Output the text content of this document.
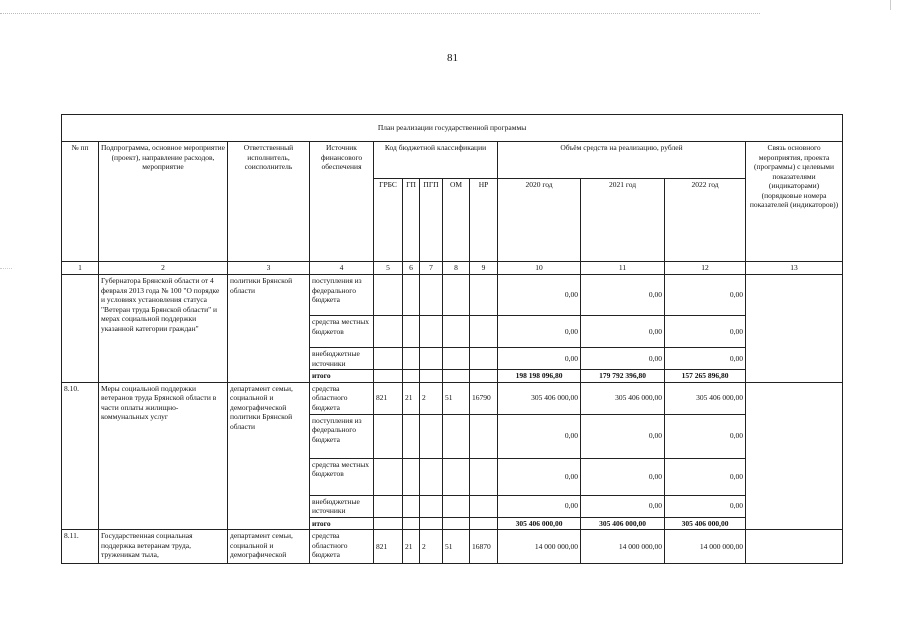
81
План реализации государственной программы												
№ пп	Подпрограмма, основное мероприятие (проект), направление расходов, мероприятие	Ответственный исполнитель, соисполнитель	Источник финансового обеспечения	Код бюджетной классификации					Объём средств на реализацию, рублей			Связь основного мероприятия, проекта (программы) с целевыми показателями (индикаторами) (порядковые номера показателей (индикаторов))
				ГРБС	ГП	ПГП	ОМ	НР	2020 год	2021 год	2022 год	
1	2	3	4	5	6	7	8	9	10	11	12	13
	Губернатора Брянской области от 4 февраля 2013 года № 100 "О порядке и условиях установления статуса "Ветеран труда Брянской области" и мерах социальной поддержки указанной категории граждан"	политики Брянской области	поступления из федерального бюджета						0,00	0,00	0,00	
			средства местных бюджетов						0,00	0,00	0,00	
			внебюджетные источники						0,00	0,00	0,00	
			итого						198 198 096,80	179 792 396,80	157 265 896,80	
8.10.	Меры социальной поддержки ветеранов труда Брянской области в части оплаты жилищно-коммунальных услуг	департамент семьи, социальной и демографической политики Брянской области	средства областного бюджета	821	21	2	51	16790	305 406 000,00	305 406 000,00	305 406 000,00	
			поступления из федерального бюджета						0,00	0,00	0,00	
			средства местных бюджетов						0,00	0,00	0,00	
			внебюджетные источники						0,00	0,00	0,00	
			итого						305 406 000,00	305 406 000,00	305 406 000,00	
8.11.	Государственная социальная поддержка ветеранам труда, труженикам тыла,	департамент семьи, социальной и демографической	средства областного бюджета	821	21	2	51	16870	14 000 000,00	14 000 000,00	14 000 000,00	
